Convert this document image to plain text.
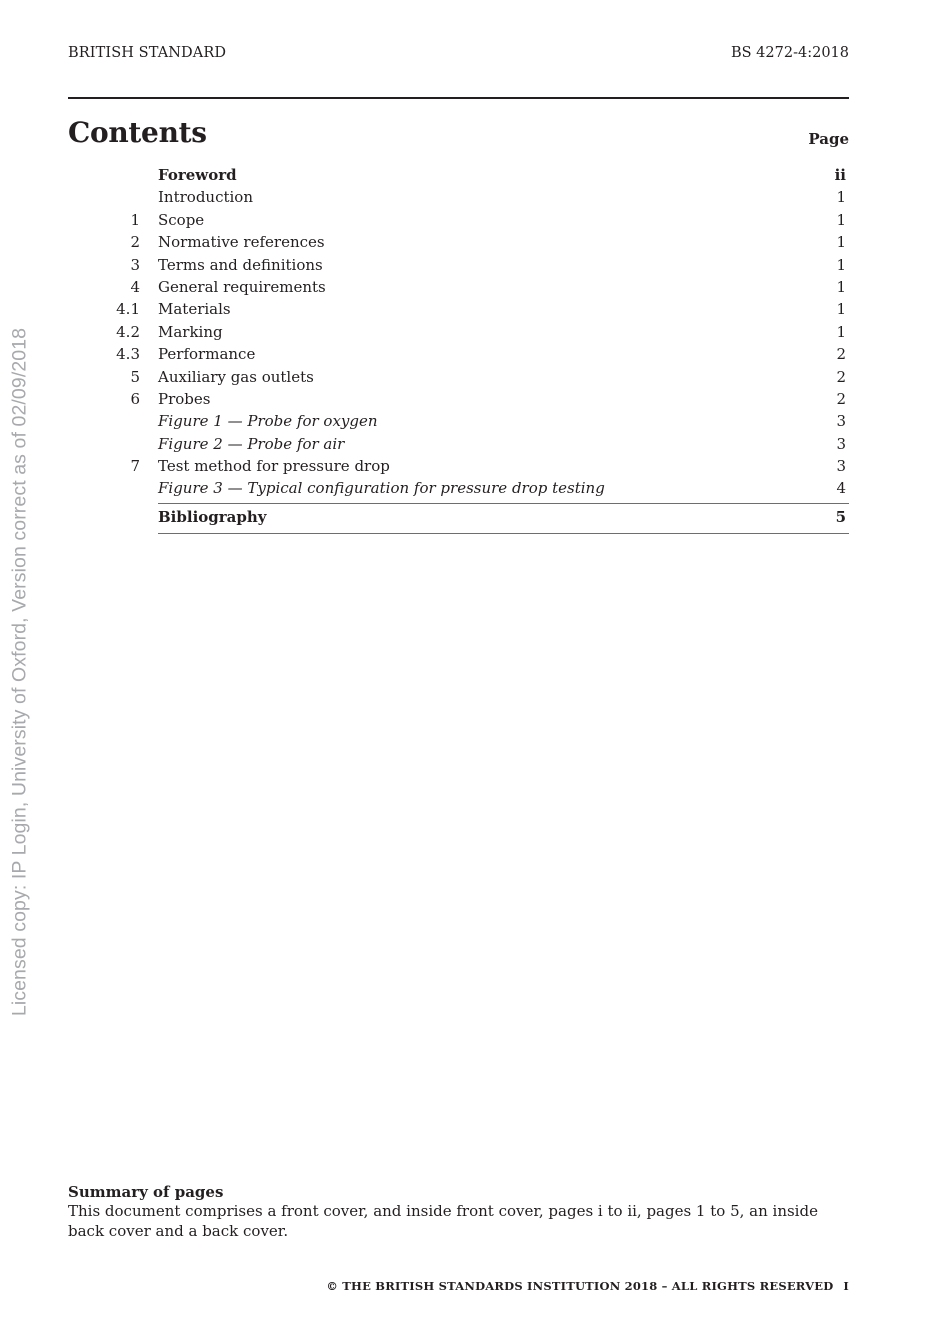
BRITISH STANDARD	BS 4272-4:2018
Contents	Page
Foreword	ii
Introduction	1
1 Scope	1
2 Normative references	1
3 Terms and definitions	1
4 General requirements	1
4.1 Materials	1
4.2 Marking	1
4.3 Performance	2
5 Auxiliary gas outlets	2
6 Probes	2
Figure 1 — Probe for oxygen	3
Figure 2 — Probe for air	3
7 Test method for pressure drop	3
Figure 3 — Typical configuration for pressure drop testing	4
Bibliography	5
Licensed copy: IP Login, University of Oxford, Version correct as of 02/09/2018
Summary of pages
This document comprises a front cover, and inside front cover, pages i to ii, pages 1 to 5, an inside back cover and a back cover.
© THE BRITISH STANDARDS INSTITUTION 2018 – ALL RIGHTS RESERVED I
